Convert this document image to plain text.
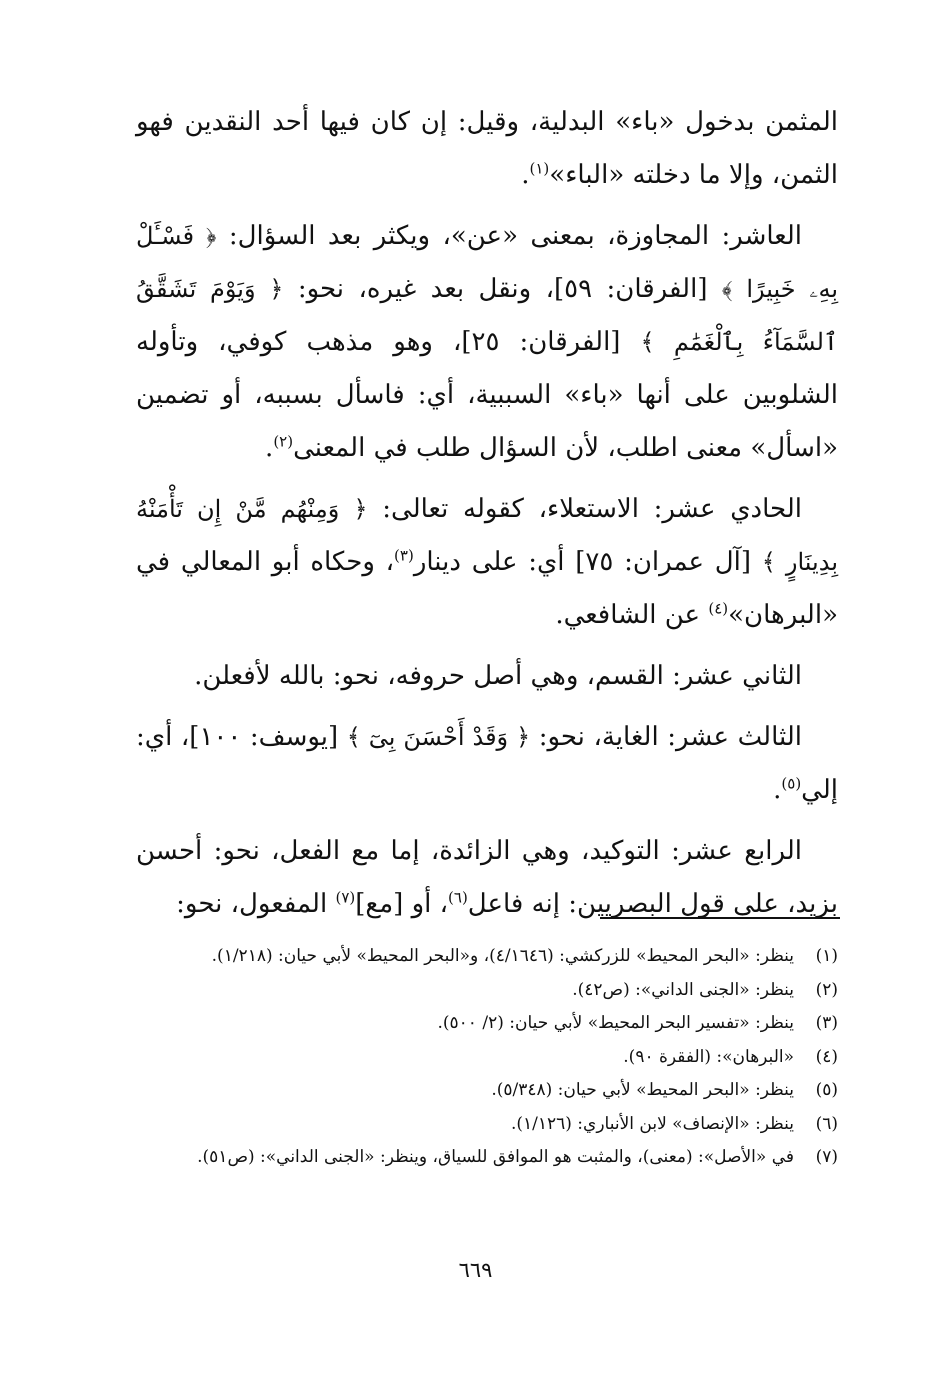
المثمن بدخول «باء» البدلية، وقيل: إن كان فيها أحد النقدين فهو الثمن، وإلا ما دخلته «الباء»$^{(١)}$.

العاشر: المجاوزة، بمعنى «عن»، ويكثر بعد السؤال: ﴿ فَسْـَٔلْ بِهِۦ خَبِيرًا ﴾ [الفرقان: ٥٩]، ونقل بعد غيره، نحو: ﴿ وَيَوْمَ تَشَقَّقُ ٱلسَّمَآءُ بِٱلْغَمَٰمِ ﴾ [الفرقان: ٢٥]، وهو مذهب كوفي، وتأوله الشلوبين على أنها «باء» السببية، أي: فاسأل بسببه، أو تضمين «اسأل» معنى اطلب، لأن السؤال طلب في المعنى$^{(٢)}$.

الحادي عشر: الاستعلاء، كقوله تعالى: ﴿ وَمِنْهُم مَّنْ إِن تَأْمَنْهُ بِدِينَارٍ ﴾ [آل عمران: ٧٥] أي: على دينار$^{(٣)}$، وحكاه أبو المعالي في «البرهان»$^{(٤)}$ عن الشافعي.

الثاني عشر: القسم، وهي أصل حروفه، نحو: بالله لأفعلن.

الثالث عشر: الغاية، نحو: ﴿ وَقَدْ أَحْسَنَ بِىٓ ﴾ [يوسف: ١٠٠]، أي: إلي$^{(٥)}$.

الرابع عشر: التوكيد، وهي الزائدة، إما مع الفعل، نحو: أحسن بزيد، على قول البصريين: إنه فاعل$^{(٦)}$، أو [مع]$^{(٧)}$ المفعول، نحو:

(١)
ينظر: «البحر المحيط» للزركشي: (٤/١٦٤٦)، و«البحر المحيط» لأبي حيان: (١/٢١٨).
(٢)
ينظر: «الجنى الداني»: (ص٤٢).
(٣)
ينظر: «تفسير البحر المحيط» لأبي حيان: (٢/ ٥٠٠).
(٤)
«البرهان»: (الفقرة ٩٠).
(٥)
ينظر: «البحر المحيط» لأبي حيان: (٥/٣٤٨).
(٦)
ينظر: «الإنصاف» لابن الأنباري: (١/١٢٦).
(٧)
في «الأصل»: (معنى)، والمثبت هو الموافق للسياق، وينظر: «الجنى الداني»: (ص٥١).
٦٦٩
